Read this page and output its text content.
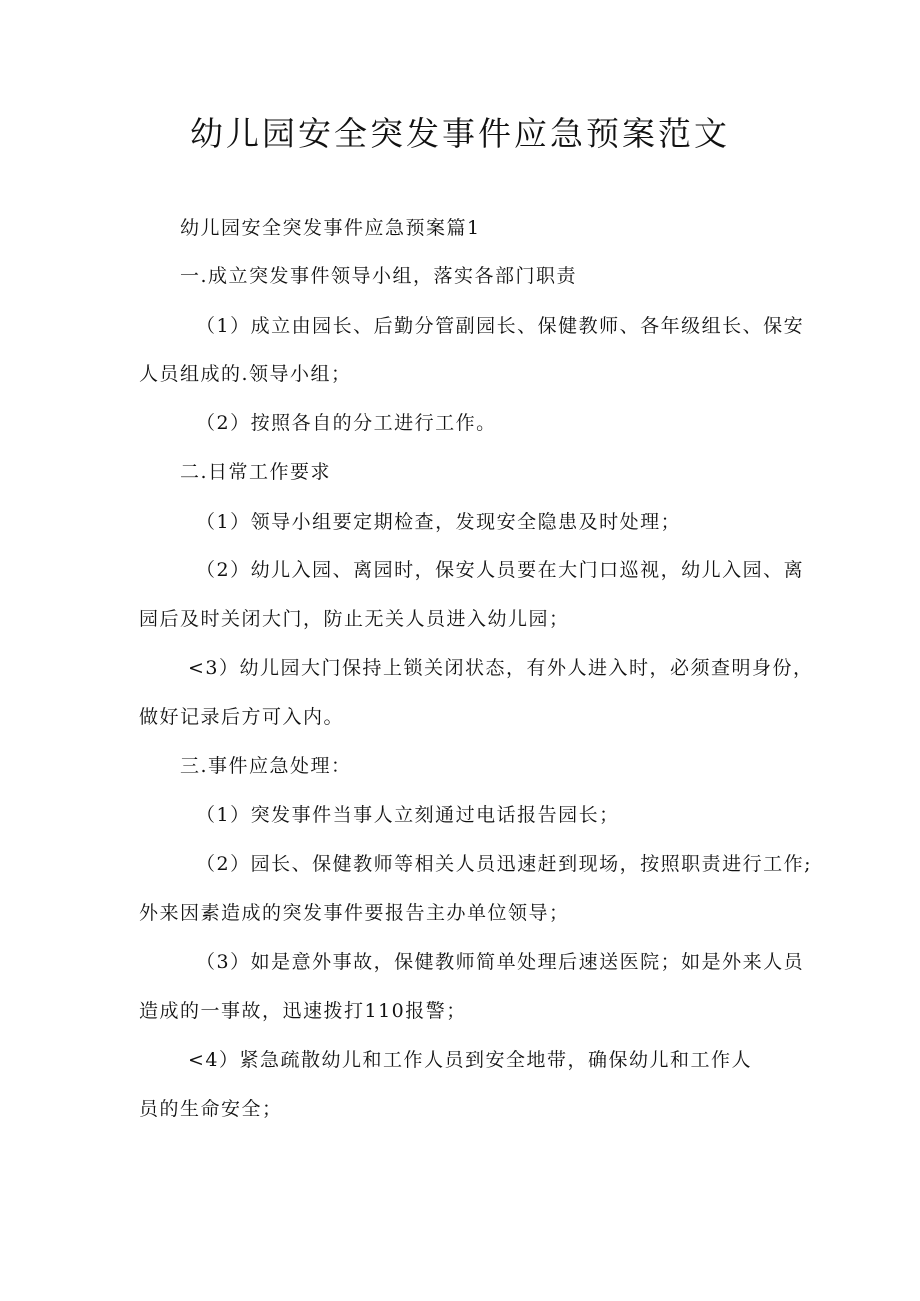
幼儿园安全突发事件应急预案范文
幼儿园安全突发事件应急预案篇1
一.成立突发事件领导小组，落实各部门职责
（1）成立由园长、后勤分管副园长、保健教师、各年级组长、保安
人员组成的.领导小组；
（2）按照各自的分工进行工作。
二.日常工作要求
（1）领导小组要定期检查，发现安全隐患及时处理；
（2）幼儿入园、离园时，保安人员要在大门口巡视，幼儿入园、离
园后及时关闭大门，防止无关人员进入幼儿园；
<3）幼儿园大门保持上锁关闭状态，有外人进入时，必须查明身份，
做好记录后方可入内。
三.事件应急处理：
（1）突发事件当事人立刻通过电话报告园长；
（2）园长、保健教师等相关人员迅速赶到现场，按照职责进行工作;
外来因素造成的突发事件要报告主办单位领导；
（3）如是意外事故，保健教师简单处理后速送医院；如是外来人员
造成的一事故，迅速拨打110报警；
<4）紧急疏散幼儿和工作人员到安全地带，确保幼儿和工作人
员的生命安全；
